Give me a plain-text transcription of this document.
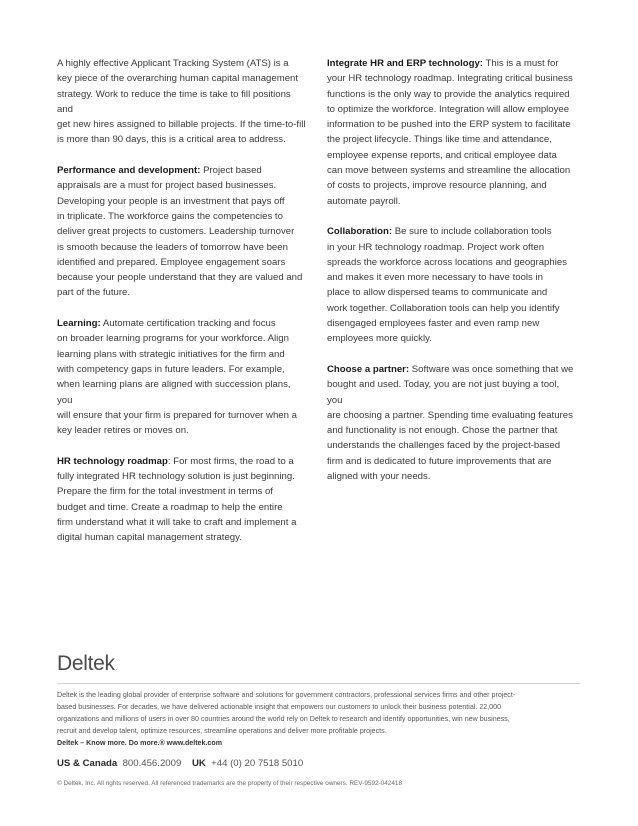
A highly effective Applicant Tracking System (ATS) is a
key piece of the overarching human capital management
strategy. Work to reduce the time is take to fill positions and
get new hires assigned to billable projects. If the time-to-fill
is more than 90 days, this is a critical area to address.

Performance and development: Project based
appraisals are a must for project based businesses.
Developing your people is an investment that pays off
in triplicate. The workforce gains the competencies to
deliver great projects to customers. Leadership turnover
is smooth because the leaders of tomorrow have been
identified and prepared. Employee engagement soars
because your people understand that they are valued and
part of the future.

Learning: Automate certification tracking and focus
on broader learning programs for your workforce. Align
learning plans with strategic initiatives for the firm and
with competency gaps in future leaders. For example,
when learning plans are aligned with succession plans, you
will ensure that your firm is prepared for turnover when a
key leader retires or moves on.

HR technology roadmap: For most firms, the road to a
fully integrated HR technology solution is just beginning.
Prepare the firm for the total investment in terms of
budget and time. Create a roadmap to help the entire
firm understand what it will take to craft and implement a
digital human capital management strategy.

Integrate HR and ERP technology: This is a must for
your HR technology roadmap. Integrating critical business
functions is the only way to provide the analytics required
to optimize the workforce. Integration will allow employee
information to be pushed into the ERP system to facilitate
the project lifecycle. Things like time and attendance,
employee expense reports, and critical employee data
can move between systems and streamline the allocation
of costs to projects, improve resource planning, and
automate payroll.

Collaboration: Be sure to include collaboration tools
in your HR technology roadmap. Project work often
spreads the workforce across locations and geographies
and makes it even more necessary to have tools in
place to allow dispersed teams to communicate and
work together. Collaboration tools can help you identify
disengaged employees faster and even ramp new
employees more quickly.

Choose a partner: Software was once something that we
bought and used. Today, you are not just buying a tool, you
are choosing a partner. Spending time evaluating features
and functionality is not enough. Chose the partner that
understands the challenges faced by the project-based
firm and is dedicated to future improvements that are
aligned with your needs.

Deltek.
Deltek is the leading global provider of enterprise software and solutions for government contractors, professional services firms and other project-
based businesses. For decades, we have delivered actionable insight that empowers our customers to unlock their business potential. 22,000
organizations and millions of users in over 80 countries around the world rely on Deltek to research and identify opportunities, win new business,
recruit and develop talent, optimize resources, streamline operations and deliver more profitable projects.
Deltek – Know more. Do more.® www.deltek.com
US & Canada 800.456.2009 UK +44 (0) 20 7518 5010
© Deltek, Inc. All rights reserved. All referenced trademarks are the property of their respective owners. REV-9592-042418
